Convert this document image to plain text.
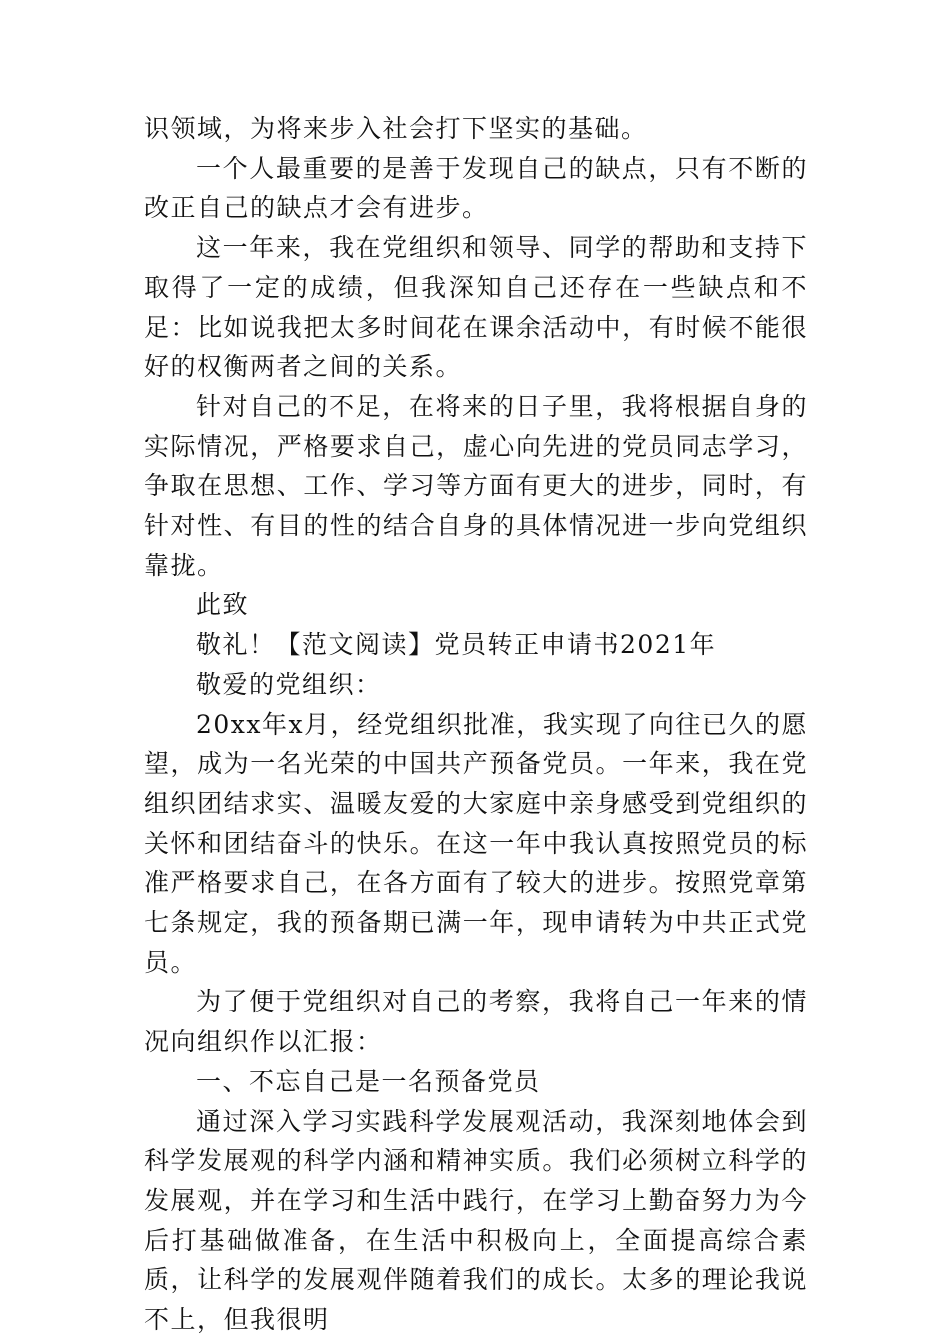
识领域，为将来步入社会打下坚实的基础。

一个人最重要的是善于发现自己的缺点，只有不断的改正自己的缺点才会有进步。

这一年来，我在党组织和领导、同学的帮助和支持下取得了一定的成绩，但我深知自己还存在一些缺点和不足：比如说我把太多时间花在课余活动中，有时候不能很好的权衡两者之间的关系。

针对自己的不足，在将来的日子里，我将根据自身的实际情况，严格要求自己，虚心向先进的党员同志学习，争取在思想、工作、学习等方面有更大的进步，同时，有针对性、有目的性的结合自身的具体情况进一步向党组织靠拢。

此致

敬礼！【范文阅读】党员转正申请书2021年

敬爱的党组织：

20xx年x月，经党组织批准，我实现了向往已久的愿望，成为一名光荣的中国共产预备党员。一年来，我在党组织团结求实、温暖友爱的大家庭中亲身感受到党组织的关怀和团结奋斗的快乐。在这一年中我认真按照党员的标准严格要求自己，在各方面有了较大的进步。按照党章第七条规定，我的预备期已满一年，现申请转为中共正式党员。

为了便于党组织对自己的考察，我将自己一年来的情况向组织作以汇报：

一、不忘自己是一名预备党员

通过深入学习实践科学发展观活动，我深刻地体会到科学发展观的科学内涵和精神实质。我们必须树立科学的发展观，并在学习和生活中践行，在学习上勤奋努力为今后打基础做准备，在生活中积极向上，全面提高综合素质，让科学的发展观伴随着我们的成长。太多的理论我说不上，但我很明
